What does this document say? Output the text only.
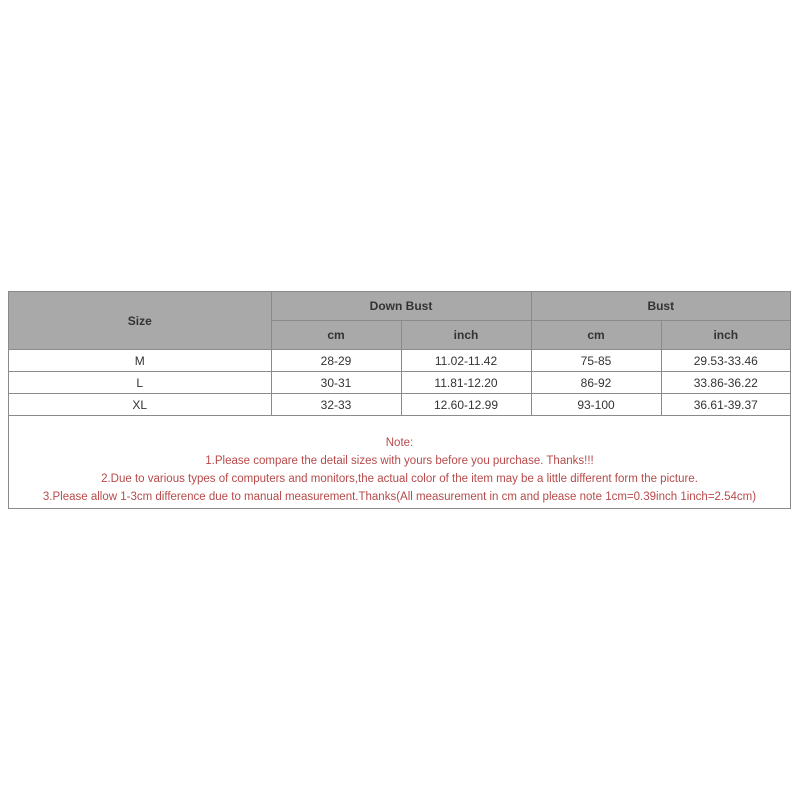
Size	Down Bust		Bust	
	cm	inch	cm	inch
M	28-29	11.02-11.42	75-85	29.53-33.46
L	30-31	11.81-12.20	86-92	33.86-36.22
XL	32-33	12.60-12.99	93-100	36.61-39.37
Note:
1.Please compare the detail sizes with yours before you purchase. Thanks!!!
2.Due to various types of computers and monitors,the actual color of the item may be a little different form the picture.
3.Please allow 1-3cm difference due to manual measurement.Thanks(All measurement in cm and please note 1cm=0.39inch 1inch=2.54cm)
